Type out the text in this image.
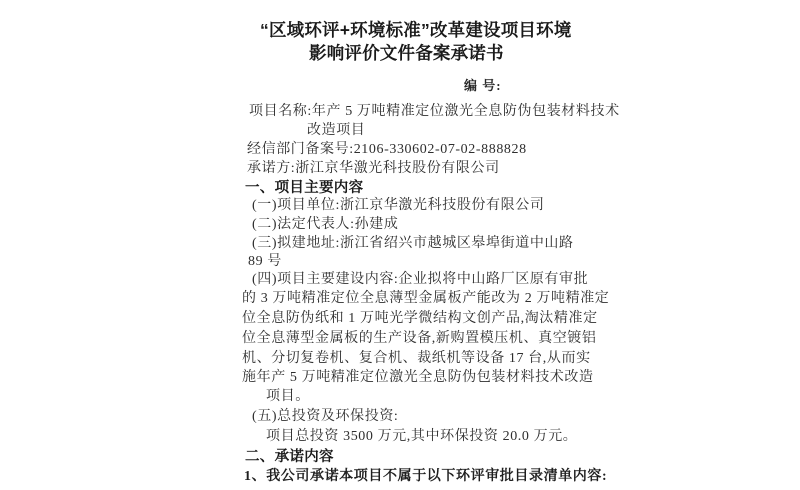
“区域环评+环境标准”改革建设项目环境
影响评价文件备案承诺书
编 号:
项目名称:年产 5 万吨精准定位激光全息防伪包装材料技术
改造项目
经信部门备案号:2106-330602-07-02-888828
承诺方:浙江京华激光科技股份有限公司
一、项目主要内容
(一)项目单位:浙江京华激光科技股份有限公司
(二)法定代表人:孙建成
(三)拟建地址:浙江省绍兴市越城区皋埠街道中山路
89 号
(四)项目主要建设内容:企业拟将中山路厂区原有审批
的 3 万吨精准定位全息薄型金属板产能改为 2 万吨精准定
位全息防伪纸和 1 万吨光学微结构文创产品,淘汰精准定
位全息薄型金属板的生产设备,新购置模压机、真空镀铝
机、分切复卷机、复合机、裁纸机等设备 17 台,从而实
施年产 5 万吨精准定位激光全息防伪包装材料技术改造
项目。
(五)总投资及环保投资:
项目总投资 3500 万元,其中环保投资 20.0 万元。
二、承诺内容
1、我公司承诺本项目不属于以下环评审批目录清单内容:
